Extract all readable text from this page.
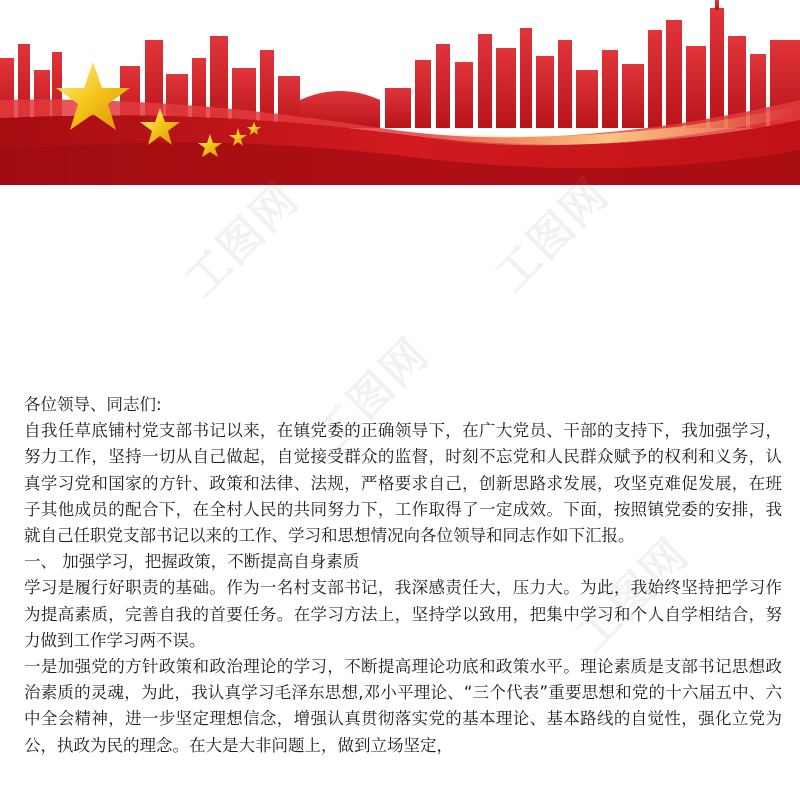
工图网	工图网
工图网
工图网

各位领导、同志们:

自我任草底铺村党支部书记以来，在镇党委的正确领导下，在广大党员、干部的支持下，我加强学习，努力工作，坚持一切从自己做起，自觉接受群众的监督，时刻不忘党和人民群众赋予的权利和义务，认真学习党和国家的方针、政策和法律、法规，严格要求自己，创新思路求发展，攻坚克难促发展，在班子其他成员的配合下，在全村人民的共同努力下，工作取得了一定成效。下面，按照镇党委的安排，我就自己任职党支部书记以来的工作、学习和思想情况向各位领导和同志作如下汇报。

一、 加强学习，把握政策，不断提高自身素质

学习是履行好职责的基础。作为一名村支部书记，我深感责任大，压力大。为此，我始终坚持把学习作为提高素质，完善自我的首要任务。在学习方法上，坚持学以致用，把集中学习和个人自学相结合，努力做到工作学习两不误。

一是加强党的方针政策和政治理论的学习，不断提高理论功底和政策水平。理论素质是支部书记思想政治素质的灵魂，为此，我认真学习毛泽东思想,邓小平理论、“三个代表”重要思想和党的十六届五中、六中全会精神，进一步坚定理想信念，增强认真贯彻落实党的基本理论、基本路线的自觉性，强化立党为公，执政为民的理念。在大是大非问题上，做到立场坚定，
